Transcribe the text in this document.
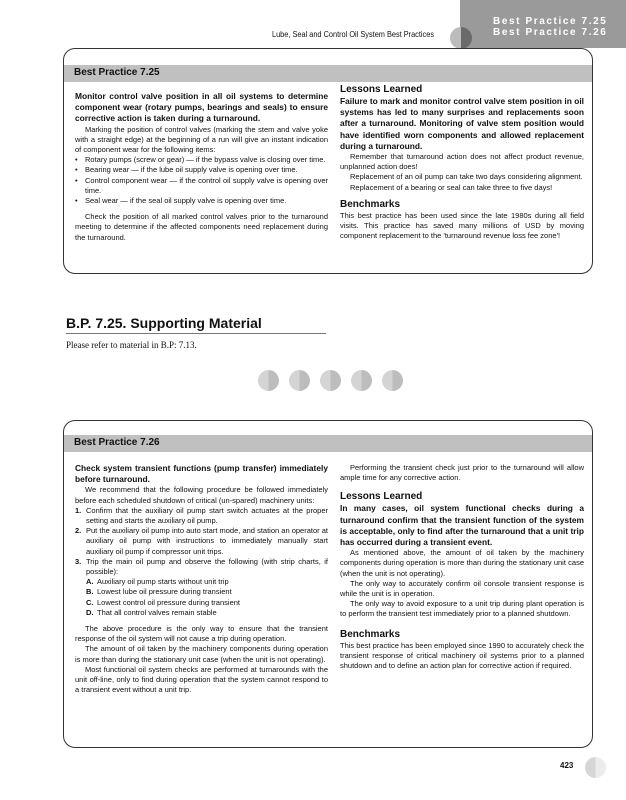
Best Practice 7.25
Best Practice 7.26
Lube, Seal and Control Oil System Best Practices
Best Practice 7.25

Monitor control valve position in all oil systems to determine component wear (rotary pumps, bearings and seals) to ensure corrective action is taken during a turnaround.

Marking the position of control valves (marking the stem and valve yoke with a straight edge) at the beginning of a run will give an instant indication of component wear for the following items:

• Rotary pumps (screw or gear) — if the bypass valve is closing over time.
• Bearing wear — if the lube oil supply valve is opening over time.
• Control component wear — if the control oil supply valve is opening over time.
• Seal wear — if the seal oil supply valve is opening over time.

Check the position of all marked control valves prior to the turnaround meeting to determine if the affected components need replacement during the turnaround.

Lessons Learned

Failure to mark and monitor control valve stem position in oil systems has led to many surprises and replacements soon after a turnaround. Monitoring of valve stem position would have identified worn components and allowed replacement during a turnaround.

Remember that turnaround action does not affect product revenue, unplanned action does!

Replacement of an oil pump can take two days considering alignment.

Replacement of a bearing or seal can take three to five days!

Benchmarks

This best practice has been used since the late 1980s during all field visits. This practice has saved many millions of USD by moving component replacement to the 'turnaround revenue loss fee zone'!

B.P. 7.25. Supporting Material
Please refer to material in B.P: 7.13.
Best Practice 7.26

Check system transient functions (pump transfer) immediately before turnaround.

We recommend that the following procedure be followed immediately before each scheduled shutdown of critical (un-spared) machinery units:

1. Confirm that the auxiliary oil pump start switch actuates at the proper setting and starts the auxiliary oil pump.
2. Put the auxiliary oil pump into auto start mode, and station an operator at auxiliary oil pump with instructions to immediately manually start auxiliary oil pump if compressor unit trips.
3. Trip the main oil pump and observe the following (with strip charts, if possible):
A. Auxiliary oil pump starts without unit trip
B. Lowest lube oil pressure during transient
C. Lowest control oil pressure during transient
D. That all control valves remain stable

The above procedure is the only way to ensure that the transient response of the oil system will not cause a trip during operation.

The amount of oil taken by the machinery components during operation is more than during the stationary unit case (when the unit is not operating).

Most functional oil system checks are performed at turnarounds with the unit off-line, only to find during operation that the system cannot respond to a transient event without a unit trip.

Performing the transient check just prior to the turnaround will allow ample time for any corrective action.

Lessons Learned

In many cases, oil system functional checks during a turnaround confirm that the transient function of the system is acceptable, only to find after the turnaround that a unit trip has occurred during a transient event.

As mentioned above, the amount of oil taken by the machinery components during operation is more than during the stationary unit case (when the unit is not operating).

The only way to accurately confirm oil console transient response is while the unit is in operation.

The only way to avoid exposure to a unit trip during plant operation is to perform the transient test immediately prior to a planned shutdown.

Benchmarks

This best practice has been employed since 1990 to accurately check the transient response of critical machinery oil systems prior to a planned shutdown and to define an action plan for corrective action if required.

423
